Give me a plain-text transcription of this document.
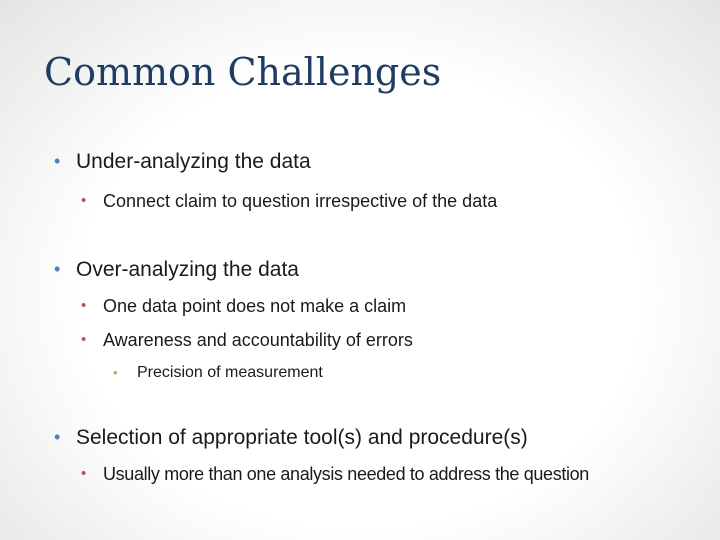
Common Challenges
• Under-analyzing the data
• Connect claim to question irrespective of the data
• Over-analyzing the data
• One data point does not make a claim
• Awareness and accountability of errors
• Precision of measurement
• Selection of appropriate tool(s) and procedure(s)
• Usually more than one analysis needed to address the question
